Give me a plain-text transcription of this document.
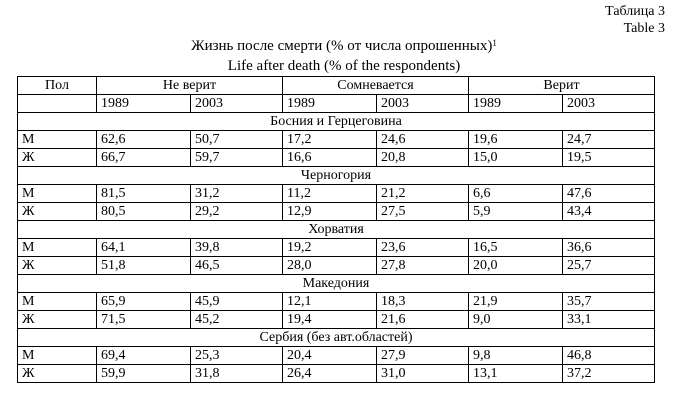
Таблица 3
Table 3
Жизнь после смерти (% от числа опрошенных)$^1$
Life after death (% of the respondents)
Пол	Не верит		Сомневается		Верит	
	1989	2003	1989	2003	1989	2003
Босния и Герцеговина						
М	62,6	50,7	17,2	24,6	19,6	24,7
Ж	66,7	59,7	16,6	20,8	15,0	19,5
Черногория						
М	81,5	31,2	11,2	21,2	6,6	47,6
Ж	80,5	29,2	12,9	27,5	5,9	43,4
Хорватия						
М	64,1	39,8	19,2	23,6	16,5	36,6
Ж	51,8	46,5	28,0	27,8	20,0	25,7
Македония						
М	65,9	45,9	12,1	18,3	21,9	35,7
Ж	71,5	45,2	19,4	21,6	9,0	33,1
Сербия (без авт.областей)						
М	69,4	25,3	20,4	27,9	9,8	46,8
Ж	59,9	31,8	26,4	31,0	13,1	37,2
